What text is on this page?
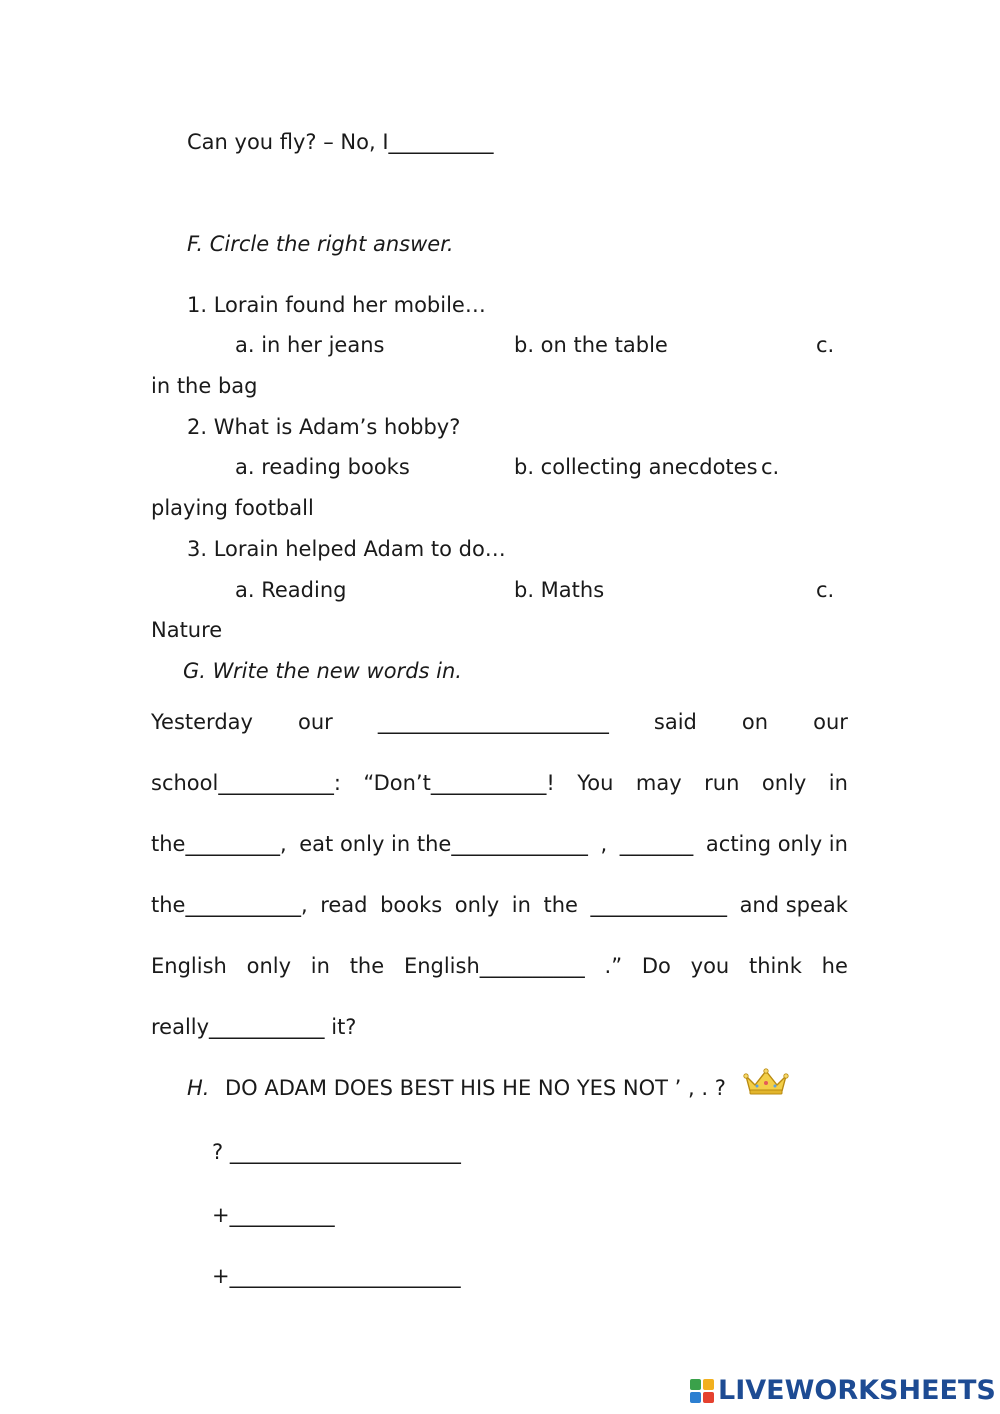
Can you fly? – No, I__________
F. Circle the right answer.
1. Lorain found her mobile…
a. in her jeans	b. on the table	c.
in the bag
2. What is Adam’s hobby?
a. reading books	b. collecting anecdotes c.
playing football
3. Lorain helped Adam to do…
a. Reading	b. Maths	c.
Nature
G. Write the new words in.
Yesterday our ______________________ said on our
school___________: “Don’t___________! You may run only in
the_________, eat only in the_____________ , _______ acting only in
the___________, read books only in the _____________ and speak
English only in the English__________ .” Do you think he
really___________ it?
H. DO ADAM DOES BEST HIS HE NO YES NOT ’ , . ?
? ______________________
+__________
+______________________
LIVEWORKSHEETS
